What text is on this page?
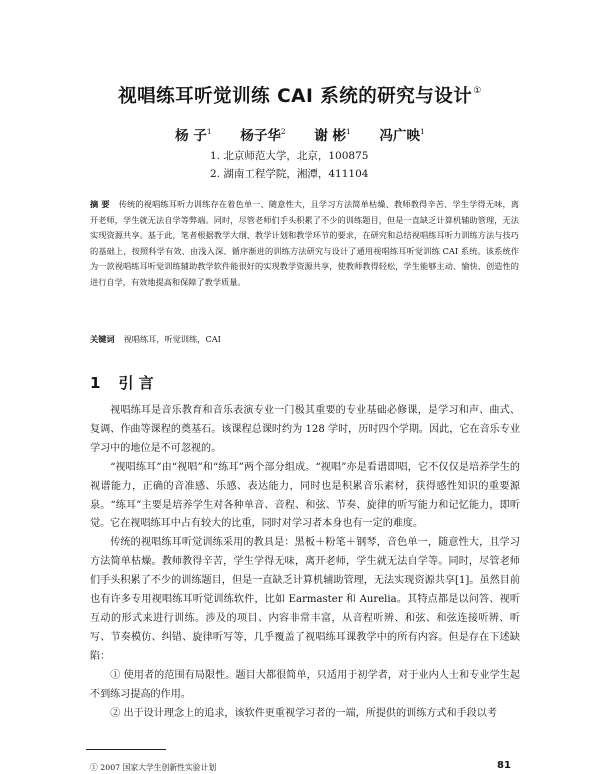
视唱练耳听觉训练 CAI 系统的研究与设计①
杨 子$^1$ 杨子华$^2$ 谢 彬$^1$ 冯广映$^1$
1. 北京师范大学，北京，100875
2. 湖南工程学院，湘潭，411104

摘 要 传统的视唱练耳听力训练存在着色单一、随意性大，且学习方法简单枯燥、教师教得辛苦、学生学得无味，离开老师，学生就无法自学等弊端。同时，尽管老师们手头积累了不少的训练题目，但是一直缺乏计算机辅助管理，无法实现资源共享。基于此，笔者根据教学大纲、教学计划和教学环节的要求，在研究和总结视唱练耳听力训练方法与技巧的基础上，按照科学有效、由浅入深、循序渐进的训练方法研究与设计了通用视唱练耳听觉训练 CAI 系统。该系统作为一款视唱练耳听觉训练辅助教学软件能很好的实现教学资源共享，使教师教得轻松，学生能够主动、愉快、创造性的进行自学，有效地提高和保障了教学质量。

关键词 视唱练耳，听觉训练，CAI
1 引 言

视唱练耳是音乐教育和音乐表演专业一门极其重要的专业基础必修课，是学习和声、曲式、复调、作曲等课程的奠基石。该课程总课时约为 128 学时，历时四个学期。因此，它在音乐专业学习中的地位是不可忽视的。

“视唱练耳”由“视唱”和“练耳”两个部分组成。“视唱”亦是看谱即唱，它不仅仅是培养学生的视谱能力，正确的音准感、乐感、表达能力，同时也是积累音乐素材，获得感性知识的重要源泉。“练耳”主要是培养学生对各种单音、音程、和弦、节奏、旋律的听写能力和记忆能力，即听觉。它在视唱练耳中占有较大的比重，同时对学习者本身也有一定的难度。

传统的视唱练耳听觉训练采用的教具是：黑板＋粉笔＋钢琴，音色单一，随意性大，且学习方法简单枯燥。教师教得辛苦，学生学得无味，离开老师，学生就无法自学等。同时，尽管老师们手头积累了不少的训练题目，但是一直缺乏计算机辅助管理，无法实现资源共享[1]。虽然目前也有许多专用视唱练耳听觉训练软件，比如 Earmaster 和 Aurelia。其特点都是以问答、视听互动的形式来进行训练。涉及的项目、内容非常丰富，从音程听辨、和弦、和弦连接听辨、听写、节奏模仿、纠错、旋律听写等，几乎覆盖了视唱练耳课教学中的所有内容。但是存在下述缺陷：

① 使用者的范围有局限性。题目大都很简单，只适用于初学者，对于业内人士和专业学生起不到练习提高的作用。

② 出于设计理念上的追求，该软件更重视学习者的一端，所提供的训练方式和手段以考

① 2007 国家大学生创新性实验计划	81
